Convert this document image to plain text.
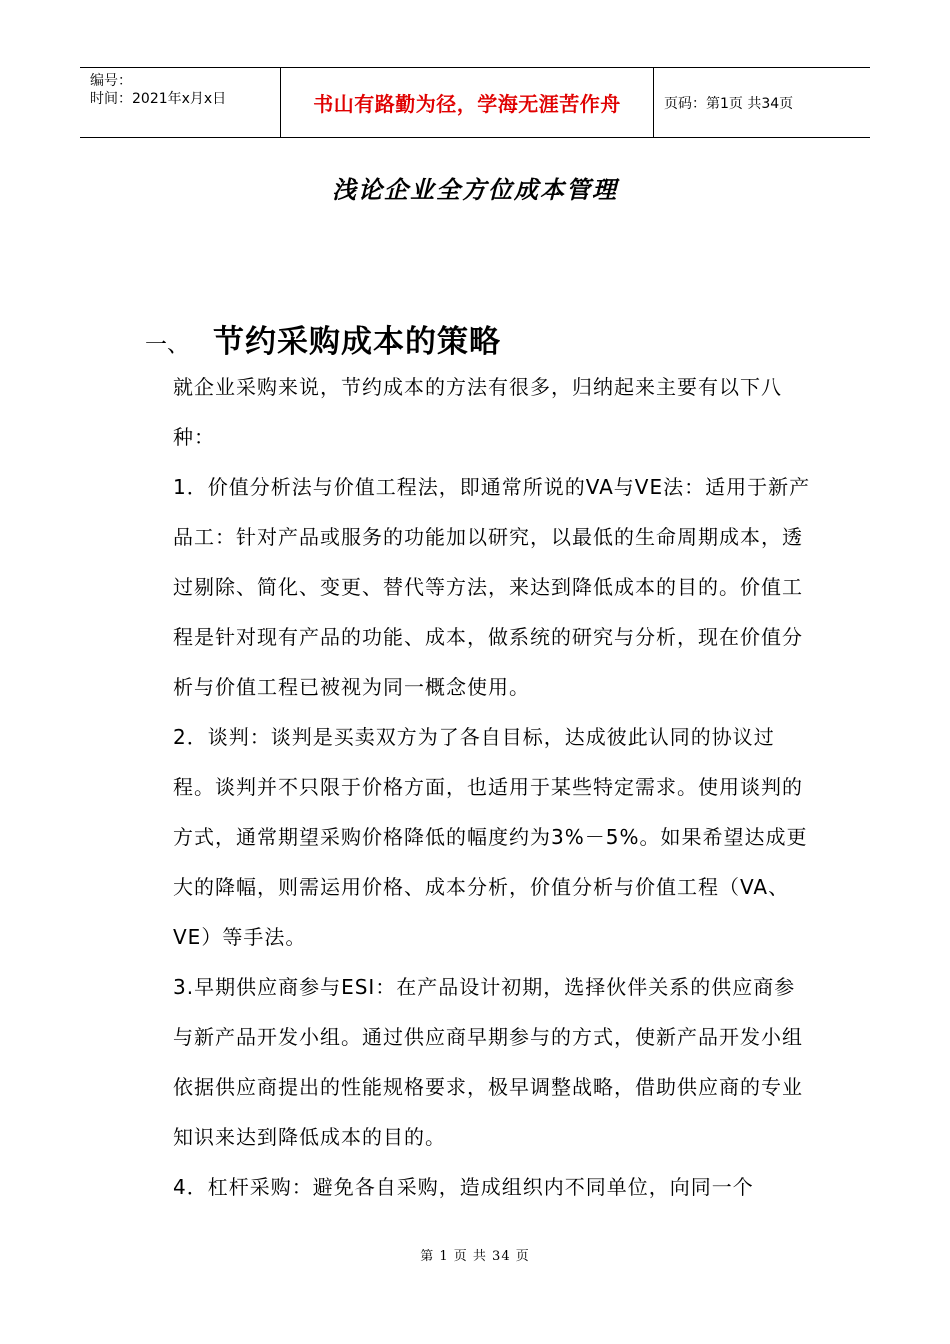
编号：
时间：2021年x月x日	书山有路勤为径，学海无涯苦作舟	页码：第1页 共34页
浅论企业全方位成本管理
一、 节约采购成本的策略

就企业采购来说，节约成本的方法有很多，归纳起来主要有以下八种：

1．价值分析法与价值工程法，即通常所说的VA与VE法：适用于新产品工：针对产品或服务的功能加以研究，以最低的生命周期成本，透过剔除、简化、变更、替代等方法，来达到降低成本的目的。价值工程是针对现有产品的功能、成本，做系统的研究与分析，现在价值分析与价值工程已被视为同一概念使用。

2．谈判：谈判是买卖双方为了各自目标，达成彼此认同的协议过程。谈判并不只限于价格方面，也适用于某些特定需求。使用谈判的方式，通常期望采购价格降低的幅度约为3%－5%。如果希望达成更大的降幅，则需运用价格、成本分析，价值分析与价值工程（VA、VE）等手法。

3.早期供应商参与ESI：在产品设计初期，选择伙伴关系的供应商参与新产品开发小组。通过供应商早期参与的方式，使新产品开发小组依据供应商提出的性能规格要求，极早调整战略，借助供应商的专业知识来达到降低成本的目的。

4．杠杆采购：避免各自采购，造成组织内不同单位，向同一个

第 1 页 共 34 页
